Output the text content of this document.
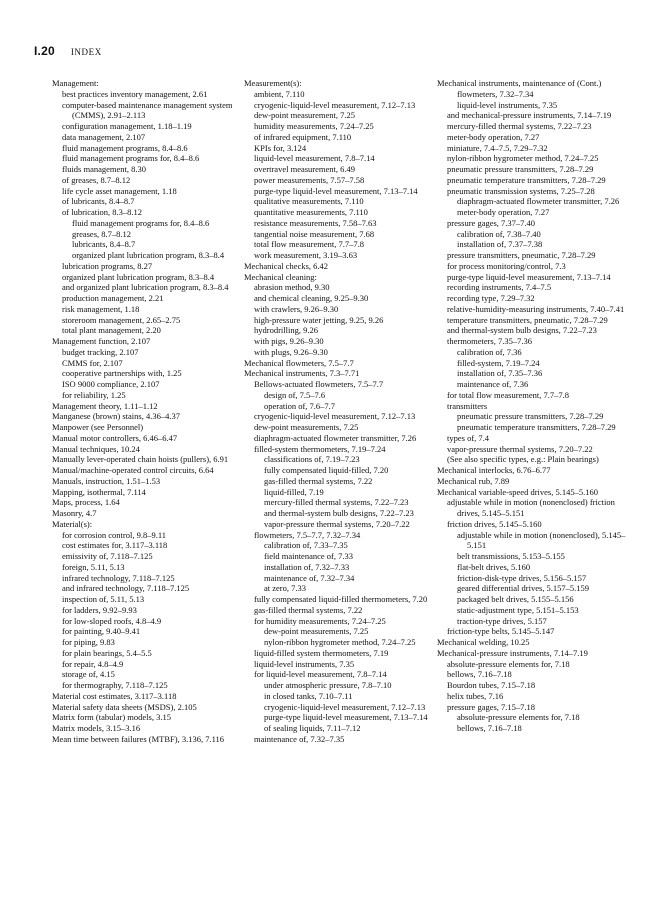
I.20 INDEX
Management:
best practices inventory management, 2.61
computer-based maintenance management system (CMMS), 2.91–2.113
configuration management, 1.18–1.19
data management, 2.107
fluid management programs, 8.4–8.6
fluid management programs for, 8.4–8.6
fluids management, 8.30
of greases, 8.7–8.12
life cycle asset management, 1.18
of lubricants, 8.4–8.7
of lubrication, 8.3–8.12
fluid management programs for, 8.4–8.6
greases, 8.7–8.12
lubricants, 8.4–8.7
organized plant lubrication program, 8.3–8.4
lubrication programs, 8.27
organized plant lubrication program, 8.3–8.4
and organized plant lubrication program, 8.3–8.4
production management, 2.21
risk management, 1.18
storeroom management, 2.65–2.75
total plant management, 2.20
Management function, 2.107
budget tracking, 2.107
CMMS for, 2.107
cooperative partnerships with, 1.25
ISO 9000 compliance, 2.107
for reliability, 1.25
Management theory, 1.11–1.12
Manganese (brown) stains, 4.36–4.37
Manpower (see Personnel)
Manual motor controllers, 6.46–6.47
Manual techniques, 10.24
Manually lever-operated chain hoists (pullers), 6.91
Manual/machine-operated control circuits, 6.64
Manuals, instruction, 1.51–1.53
Mapping, isothermal, 7.114
Maps, process, 1.64
Masonry, 4.7
Material(s):
for corrosion control, 9.8–9.11
cost estimates for, 3.117–3.118
emissivity of, 7.118–7.125
foreign, 5.11, 5.13
infrared technology, 7.118–7.125
and infrared technology, 7.118–7.125
inspection of, 5.11, 5.13
for ladders, 9.92–9.93
for low-sloped roofs, 4.8–4.9
for painting, 9.40–9.41
for piping, 9.83
for plain bearings, 5.4–5.5
for repair, 4.8–4.9
storage of, 4.15
for thermography, 7.118–7.125
Material cost estimates, 3.117–3.118
Material safety data sheets (MSDS), 2.105
Matrix form (tabular) models, 3.15
Matrix models, 3.15–3.16
Mean time between failures (MTBF), 3.136, 7.116
Measurement(s):
ambient, 7.110
cryogenic-liquid-level measurement, 7.12–7.13
dew-point measurement, 7.25
humidity measurements, 7.24–7.25
of infrared equipment, 7.110
KPIs for, 3.124
liquid-level measurement, 7.8–7.14
overtravel measurement, 6.49
power measurements, 7.57–7.58
purge-type liquid-level measurement, 7.13–7.14
qualitative measurements, 7.110
quantitative measurements, 7.110
resistance measurements, 7.58–7.63
tangential noise measurement, 7.68
total flow measurement, 7.7–7.8
work measurement, 3.19–3.63
Mechanical checks, 6.42
Mechanical cleaning:
abrasion method, 9.30
and chemical cleaning, 9.25–9.30
with crawlers, 9.26–9.30
high-pressure water jetting, 9.25, 9.26
hydrodrilling, 9.26
with pigs, 9.26–9.30
with plugs, 9.26–9.30
Mechanical flowmeters, 7.5–7.7
Mechanical instruments, 7.3–7.71
Bellows-actuated flowmeters, 7.5–7.7
design of, 7.5–7.6
operation of, 7.6–7.7
cryogenic-liquid-level measurement, 7.12–7.13
dew-point measurements, 7.25
diaphragm-actuated flowmeter transmitter, 7.26
filled-system thermometers, 7.19–7.24
classifications of, 7.19–7.23
fully compensated liquid-filled, 7.20
gas-filled thermal systems, 7.22
liquid-filled, 7.19
mercury-filled thermal systems, 7.22–7.23
and thermal-system bulb designs, 7.22–7.23
vapor-pressure thermal systems, 7.20–7.22
flowmeters, 7.5–7.7, 7.32–7.34
calibration of, 7.33–7.35
field maintenance of, 7.33
installation of, 7.32–7.33
maintenance of, 7.32–7.34
at zero, 7.33
fully compensated liquid-filled thermometers, 7.20
gas-filled thermal systems, 7.22
for humidity measurements, 7.24–7.25
dew-point measurements, 7.25
nylon-ribbon hygrometer method, 7.24–7.25
liquid-filled system thermometers, 7.19
liquid-level instruments, 7.35
for liquid-level measurement, 7.8–7.14
under atmospheric pressure, 7.8–7.10
in closed tanks, 7.10–7.11
cryogenic-liquid-level measurement, 7.12–7.13
purge-type liquid-level measurement, 7.13–7.14
of sealing liquids, 7.11–7.12
maintenance of, 7.32–7.35
Mechanical instruments, maintenance of (Cont.)
flowmeters, 7.32–7.34
liquid-level instruments, 7.35
and mechanical-pressure instruments, 7.14–7.19
mercury-filled thermal systems, 7.22–7.23
meter-body operation, 7.27
miniature, 7.4–7.5, 7.29–7.32
nylon-ribbon hygrometer method, 7.24–7.25
pneumatic pressure transmitters, 7.28–7.29
pneumatic temperature transmitters, 7.28–7.29
pneumatic transmission systems, 7.25–7.28
diaphragm-actuated flowmeter transmitter, 7.26
meter-body operation, 7.27
pressure gages, 7.37–7.40
calibration of, 7.38–7.40
installation of, 7.37–7.38
pressure transmitters, pneumatic, 7.28–7.29
for process monitoring/control, 7.3
purge-type liquid-level measurement, 7.13–7.14
recording instruments, 7.4–7.5
recording type, 7.29–7.32
relative-humidity-measuring instruments, 7.40–7.41
temperature transmitters, pneumatic, 7.28–7.29
and thermal-system bulb designs, 7.22–7.23
thermometers, 7.35–7.36
calibration of, 7.36
filled-system, 7.19–7.24
installation of, 7.35–7.36
maintenance of, 7.36
for total flow measurement, 7.7–7.8
transmitters
pneumatic pressure transmitters, 7.28–7.29
pneumatic temperature transmitters, 7.28–7.29
types of, 7.4
vapor-pressure thermal systems, 7.20–7.22
(See also specific types, e.g.: Plain bearings)
Mechanical interlocks, 6.76–6.77
Mechanical rub, 7.89
Mechanical variable-speed drives, 5.145–5.160
adjustable while in motion (nonenclosed) friction drives, 5.145–5.151
friction drives, 5.145–5.160
adjustable while in motion (nonenclosed), 5.145–5.151
belt transmissions, 5.153–5.155
flat-belt drives, 5.160
friction-disk-type drives, 5.156–5.157
geared differential drives, 5.157–5.159
packaged belt drives, 5.155–5.156
static-adjustment type, 5.151–5.153
traction-type drives, 5.157
friction-type belts, 5.145–5.147
Mechanical welding, 10.25
Mechanical-pressure instruments, 7.14–7.19
absolute-pressure elements for, 7.18
bellows, 7.16–7.18
Bourdon tubes, 7.15–7.18
helix tubes, 7.16
pressure gages, 7.15–7.18
absolute-pressure elements for, 7.18
bellows, 7.16–7.18
